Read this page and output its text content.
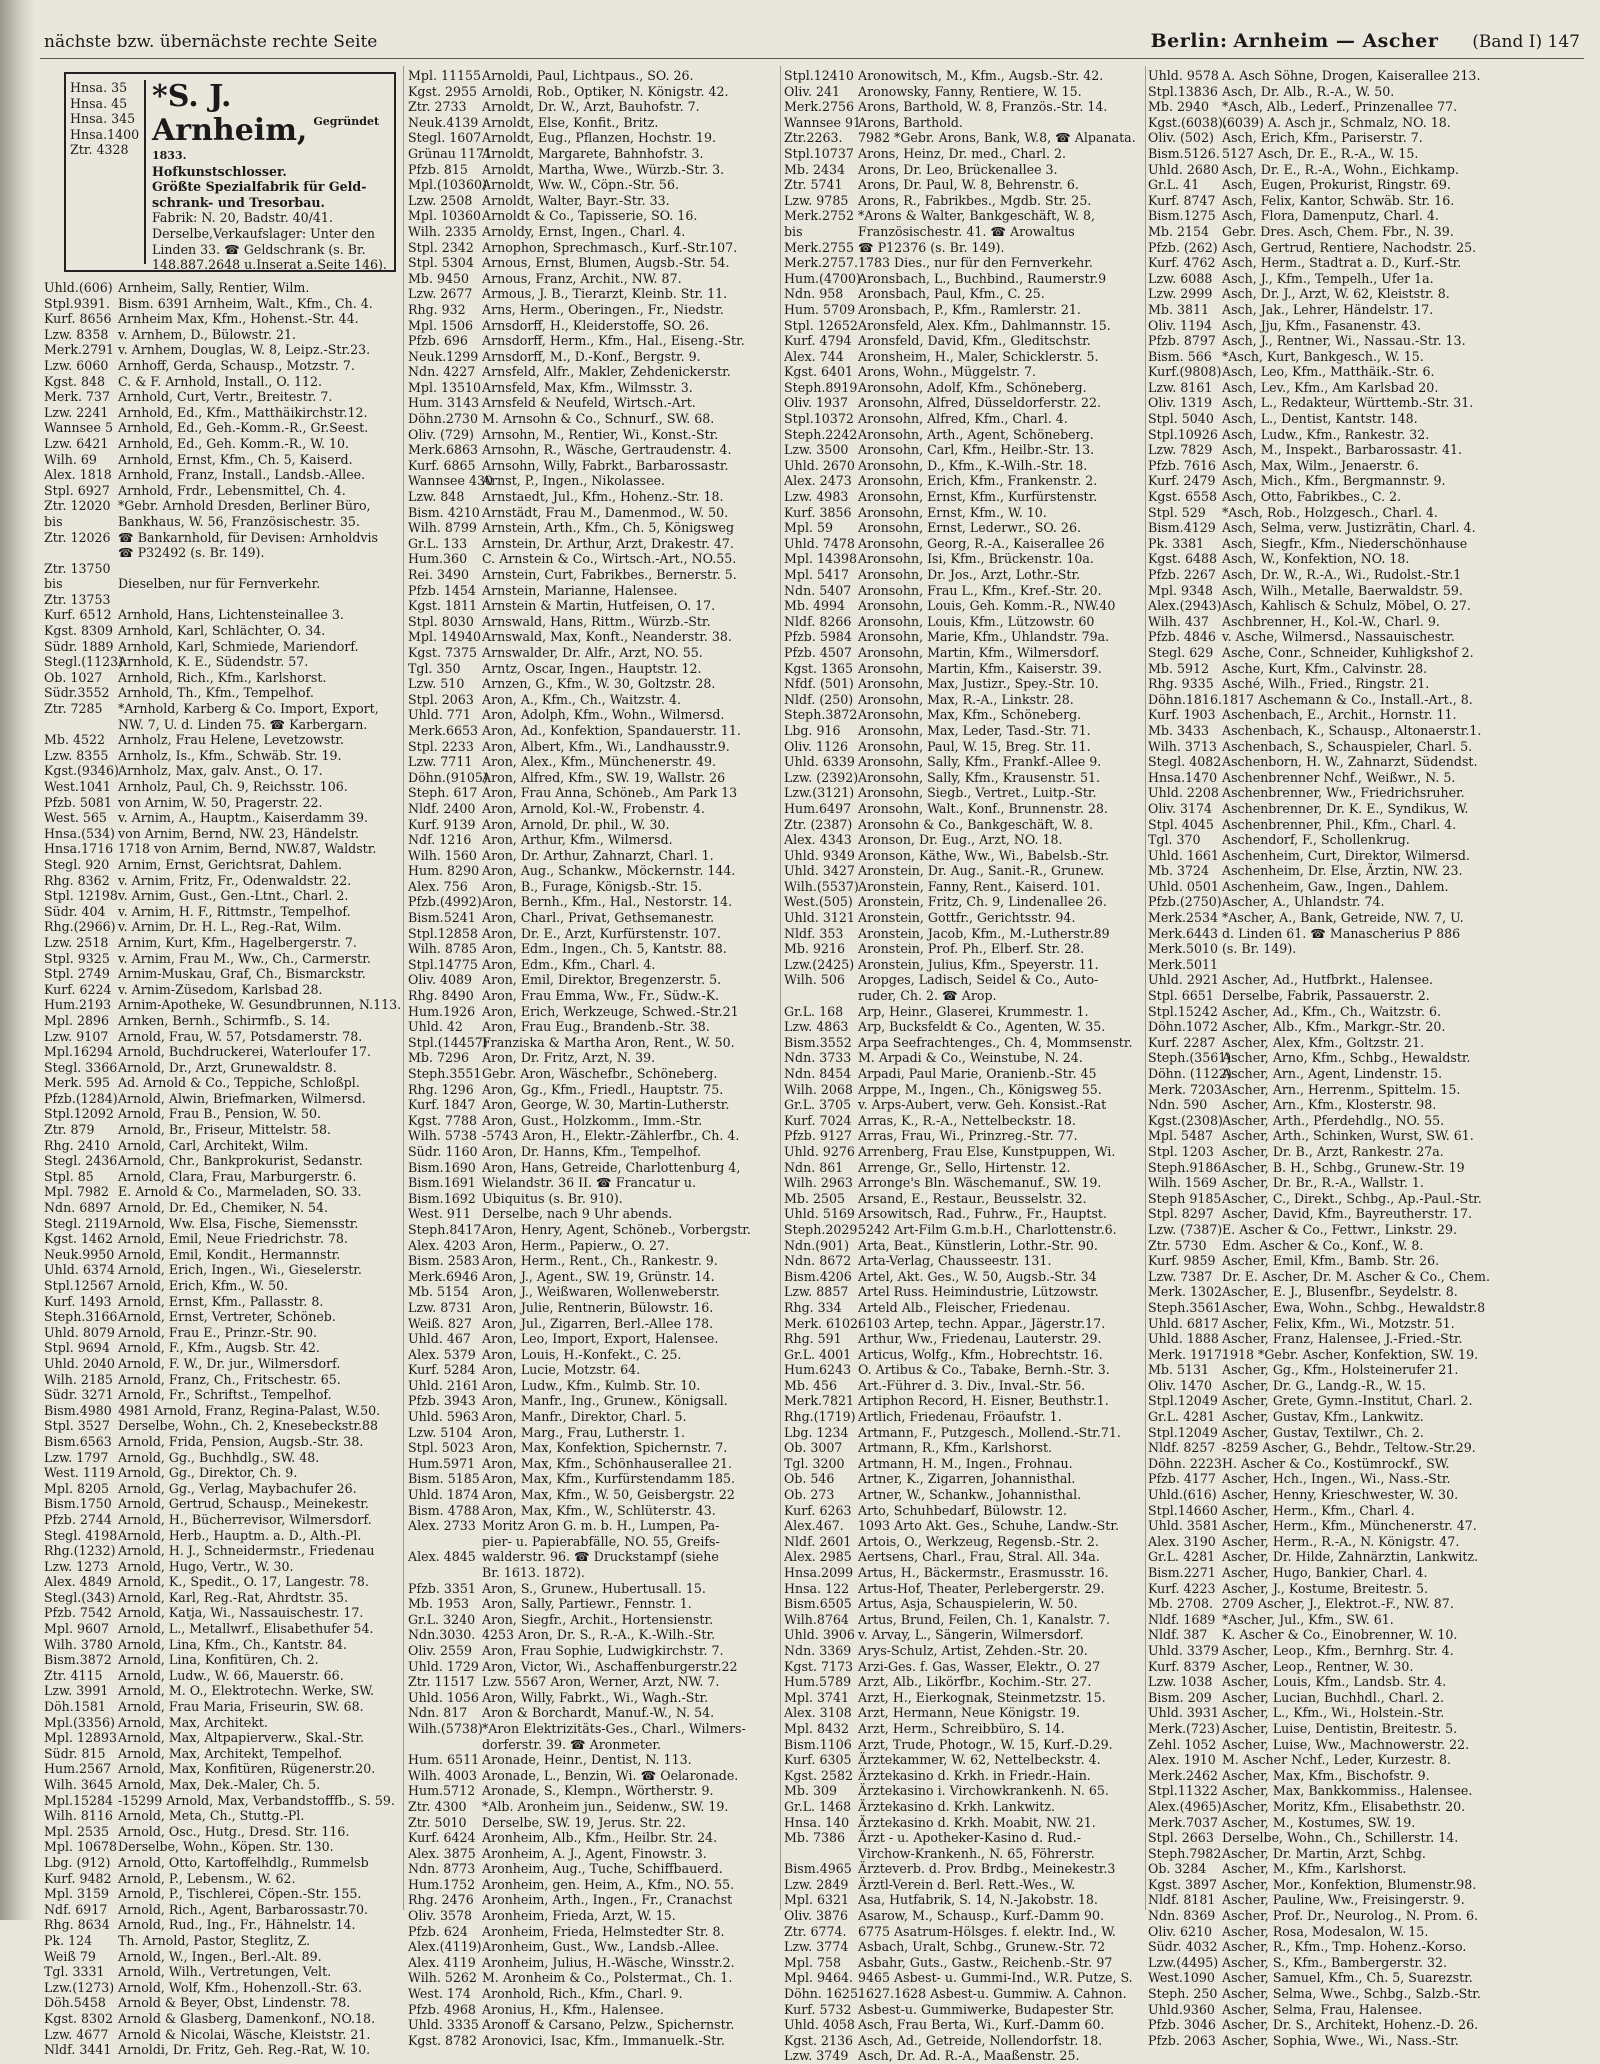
nächste bzw. übernächste rechte Seite	Berlin: Arnheim — Ascher (Band I) 147
Hnsa. 35
Hnsa. 45
Hnsa. 345
Hnsa.1400
Ztr. 4328
*S. J. Arnheim, Gegründet 1833.
Hofkunstschlosser.
Größte Spezialfabrik für Geld-
schrank- und Tresorbau.
Fabrik: N. 20, Badstr. 40/41.
Derselbe,Verkaufslager: Unter den
Linden 33. ☎ Geldschrank (s. Br.
148.887.2648 u.Inserat a.Seite 146).
Uhld.(606) Arnheim, Sally, Rentier, Wilm.
Stpl.9391. Bism. 6391 Arnheim, Walt., Kfm., Ch. 4.
Kurf. 8656 Arnheim Max, Kfm., Hohenst.-Str. 44.
Lzw. 8358 v. Arnhem, D., Bülowstr. 21.
Merk.2791 v. Arnhem, Douglas, W. 8, Leipz.-Str.23.
Lzw. 6060 Arnhoff, Gerda, Schausp., Motzstr. 7.
Kgst. 848 C. & F. Arnhold, Install., O. 112.
Merk. 737 Arnhold, Curt, Vertr., Breitestr. 7.
Lzw. 2241 Arnhold, Ed., Kfm., Matthäikirchstr.12.
Wannsee 5 Arnhold, Ed., Geh.-Komm.-R., Gr.Seest.
Lzw. 6421 Arnhold, Ed., Geh. Komm.-R., W. 10.
Wilh. 69 Arnhold, Ernst, Kfm., Ch. 5, Kaiserd.
Alex. 1818 Arnhold, Franz, Install., Landsb.-Allee.
Stpl. 6927 Arnhold, Frdr., Lebensmittel, Ch. 4.
Ztr. 12020 *Gebr. Arnhold Dresden, Berliner Büro,
bis	Bankhaus, W. 56, Französischestr. 35.
Ztr. 12026 ☎ Bankarnhold, für Devisen: Arnholdvis
☎ P32492 (s. Br. 149).
Ztr. 13750
bis	Dieselben, nur für Fernverkehr.
Ztr. 13753
Kurf. 6512 Arnhold, Hans, Lichtensteinallee 3.
Kgst. 8309 Arnhold, Karl, Schlächter, O. 34.
Südr. 1889 Arnhold, Karl, Schmiede, Mariendorf.
Stegl.(1123)Arnhold, K. E., Südendstr. 57.
Ob. 1027 Arnhold, Rich., Kfm., Karlshorst.
Südr.3552 Arnhold, Th., Kfm., Tempelhof.
Ztr. 7285 *Arnhold, Karberg & Co. Import, Export,
NW. 7, U. d. Linden 75. ☎ Karbergarn.
Mb. 4522 Arnholz, Frau Helene, Levetzowstr.
Lzw. 8355 Arnholz, Is., Kfm., Schwäb. Str. 19.
Kgst.(9346)Arnholz, Max, galv. Anst., O. 17.
West.1041 Arnholz, Paul, Ch. 9, Reichsstr. 106.
Pfzb. 5081 von Arnim, W. 50, Pragerstr. 22.
West. 565 v. Arnim, A., Hauptm., Kaiserdamm 39.
Hnsa.(534) von Arnim, Bernd, NW. 23, Händelstr.
Hnsa.1716 1718 von Arnim, Bernd, NW.87, Waldstr.
Stegl. 920 Arnim, Ernst, Gerichtsrat, Dahlem.
Rhg. 8362 v. Arnim, Fritz, Fr., Odenwaldstr. 22.
Stpl. 12198v. Arnim, Gust., Gen.-Ltnt., Charl. 2.
Südr. 404 v. Arnim, H. F., Rittmstr., Tempelhof.
Rhg.(2966) v. Arnim, Dr. H. L., Reg.-Rat, Wilm.
Lzw. 2518 Arnim, Kurt, Kfm., Hagelbergerstr. 7.
Stpl. 9325 v. Arnim, Frau M., Ww., Ch., Carmerstr.
Stpl. 2749 Arnim-Muskau, Graf, Ch., Bismarckstr.
Kurf. 6224 v. Arnim-Züsedom, Karlsbad 28.
Hum.2193 Arnim-Apotheke, W. Gesundbrunnen, N.113.
Mpl. 2896 Arnken, Bernh., Schirmfb., S. 14.
Lzw. 9107 Arnold, Frau, W. 57, Potsdamerstr. 78.
Mpl.16294 Arnold, Buchdruckerei, Waterloufer 17.
Stegl. 3366Arnold, Dr., Arzt, Grunewaldstr. 8.
Merk. 595 Ad. Arnold & Co., Teppiche, Schloßpl.
Pfzb.(1284)Arnold, Alwin, Briefmarken, Wilmersd.
Stpl.12092 Arnold, Frau B., Pension, W. 50.
Ztr. 879 Arnold, Br., Friseur, Mittelstr. 58.
Rhg. 2410 Arnold, Carl, Architekt, Wilm.
Stegl. 2436Arnold, Chr., Bankprokurist, Sedanstr.
Stpl. 85 Arnold, Clara, Frau, Marburgerstr. 6.
Mpl. 7982 E. Arnold & Co., Marmeladen, SO. 33.
Ndn. 6897 Arnold, Dr. Ed., Chemiker, N. 54.
Stegl. 2119Arnold, Ww. Elsa, Fische, Siemensstr.
Kgst. 1462 Arnold, Emil, Neue Friedrichstr. 78.
Neuk.9950 Arnold, Emil, Kondit., Hermannstr.
Uhld. 6374 Arnold, Erich, Ingen., Wi., Gieselerstr.
Stpl.12567 Arnold, Erich, Kfm., W. 50.
Kurf. 1493 Arnold, Ernst, Kfm., Pallasstr. 8.
Steph.3166Arnold, Ernst, Vertreter, Schöneb.
Uhld. 8079 Arnold, Frau E., Prinzr.-Str. 90.
Stpl. 9694 Arnold, F., Kfm., Augsb. Str. 42.
Uhld. 2040 Arnold, F. W., Dr. jur., Wilmersdorf.
Wilh. 2185 Arnold, Franz, Ch., Fritschestr. 65.
Südr. 3271 Arnold, Fr., Schriftst., Tempelhof.
Bism.4980 4981 Arnold, Franz, Regina-Palast, W.50.
Stpl. 3527 Derselbe, Wohn., Ch. 2, Knesebeckstr.88
Bism.6563 Arnold, Frida, Pension, Augsb.-Str. 38.
Lzw. 1797 Arnold, Gg., Buchhdlg., SW. 48.
West. 1119 Arnold, Gg., Direktor, Ch. 9.
Mpl. 8205 Arnold, Gg., Verlag, Maybachufer 26.
Bism.1750 Arnold, Gertrud, Schausp., Meinekestr.
Pfzb. 2744 Arnold, H., Bücherrevisor, Wilmersdorf.
Stegl. 4198Arnold, Herb., Hauptm. a. D., Alth.-Pl.
Rhg.(1232) Arnold, H. J., Schneidermstr., Friedenau
Lzw. 1273 Arnold, Hugo, Vertr., W. 30.
Alex. 4849 Arnold, K., Spedit., O. 17, Langestr. 78.
Stegl.(343) Arnold, Karl, Reg.-Rat, Ahrdtstr. 35.
Pfzb. 7542 Arnold, Katja, Wi., Nassauischestr. 17.
Mpl. 9607 Arnold, L., Metallwrf., Elisabethufer 54.
Wilh. 3780 Arnold, Lina, Kfm., Ch., Kantstr. 84.
Bism.3872 Arnold, Lina, Konfitüren, Ch. 2.
Ztr. 4115 Arnold, Ludw., W. 66, Mauerstr. 66.
Lzw. 3991 Arnold, M. O., Elektrotechn. Werke, SW.
Döh.1581 Arnold, Frau Maria, Friseurin, SW. 68.
Mpl.(3356) Arnold, Max, Architekt.
Mpl. 12893Arnold, Max, Altpapierverw., Skal.-Str.
Südr. 815 Arnold, Max, Architekt, Tempelhof.
Hum.2567 Arnold, Max, Konfitüren, Rügenerstr.20.
Wilh. 3645 Arnold, Max, Dek.-Maler, Ch. 5.
Mpl.15284 -15299 Arnold, Max, Verbandstofffb., S. 59.
Wilh. 8116 Arnold, Meta, Ch., Stuttg.-Pl.
Mpl. 2535 Arnold, Osc., Hutg., Dresd. Str. 116.
Mpl. 10678Derselbe, Wohn., Köpen. Str. 130.
Lbg. (912) Arnold, Otto, Kartoffelhdlg., Rummelsb
Kurf. 9482 Arnold, P., Lebensm., W. 62.
Mpl. 3159 Arnold, P., Tischlerei, Cöpen.-Str. 155.
Ndf. 6917 Arnold, Rich., Agent, Barbarossastr.70.
Rhg. 8634 Arnold, Rud., Ing., Fr., Hähnelstr. 14.
Pk. 124 Th. Arnold, Pastor, Steglitz, Z.
Weiß 79 Arnold, W., Ingen., Berl.-Alt. 89.
Tgl. 3331 Arnold, Wilh., Vertretungen, Velt.
Lzw.(1273) Arnold, Wolf, Kfm., Hohenzoll.-Str. 63.
Döh.5458 Arnold & Beyer, Obst, Lindenstr. 78.
Kgst. 8302 Arnold & Glasberg, Damenkonf., NO.18.
Lzw. 4677 Arnold & Nicolai, Wäsche, Kleiststr. 21.
Nldf. 3441 Arnoldi, Dr. Fritz, Geh. Reg.-Rat, W. 10.
Mpl. 11155Arnoldi, Paul, Lichtpaus., SO. 26.
Kgst. 2955 Arnoldi, Rob., Optiker, N. Königstr. 42.
Ztr. 2733 Arnoldt, Dr. W., Arzt, Bauhofstr. 7.
Neuk.4139 Arnoldt, Else, Konfit., Britz.
Stegl. 1607Arnoldt, Eug., Pflanzen, Hochstr. 19.
Grünau 1171Arnoldt, Margarete, Bahnhofstr. 3.
Pfzb. 815 Arnoldt, Martha, Wwe., Würzb.-Str. 3.
Mpl.(10360)Arnoldt, Ww. W., Cöpn.-Str. 56.
Lzw. 2508 Arnoldt, Walter, Bayr.-Str. 33.
Mpl. 10360Arnoldt & Co., Tapisserie, SO. 16.
Wilh. 2335 Arnoldy, Ernst, Ingen., Charl. 4.
Stpl. 2342 Arnophon, Sprechmasch., Kurf.-Str.107.
Stpl. 5304 Arnous, Ernst, Blumen, Augsb.-Str. 54.
Mb. 9450 Arnous, Franz, Archit., NW. 87.
Lzw. 2677 Armous, J. B., Tierarzt, Kleinb. Str. 11.
Rhg. 932 Arns, Herm., Oberingen., Fr., Niedstr.
Mpl. 1506 Arnsdorff, H., Kleiderstoffe, SO. 26.
Pfzb. 696 Arnsdorff, Herm., Kfm., Hal., Eiseng.-Str.
Neuk.1299 Arnsdorff, M., D.-Konf., Bergstr. 9.
Ndn. 4227 Arnsfeld, Alfr., Makler, Zehdenickerstr.
Mpl. 13510Arnsfeld, Max, Kfm., Wilmsstr. 3.
Hum. 3143 Arnsfeld & Neufeld, Wirtsch.-Art.
Döhn.2730 M. Arnsohn & Co., Schnurf., SW. 68.
Oliv. (729) Arnsohn, M., Rentier, Wi., Konst.-Str.
Merk.6863 Arnsohn, R., Wäsche, Gertraudenstr. 4.
Kurf. 6865 Arnsohn, Willy, Fabrkt., Barbarossastr.
Wannsee 430Arnst, P., Ingen., Nikolassee.
Lzw. 848 Arnstaedt, Jul., Kfm., Hohenz.-Str. 18.
Bism. 4210 Arnstädt, Frau M., Damenmod., W. 50.
Wilh. 8799 Arnstein, Arth., Kfm., Ch. 5, Königsweg
Gr.L. 133 Arnstein, Dr. Arthur, Arzt, Drakestr. 47.
Hum.360 C. Arnstein & Co., Wirtsch.-Art., NO.55.
Rei. 3490 Arnstein, Curt, Fabrikbes., Bernerstr. 5.
Pfzb. 1454 Arnstein, Marianne, Halensee.
Kgst. 1811 Arnstein & Martin, Hutfeisen, O. 17.
Stpl. 8030 Arnswald, Hans, Rittm., Würzb.-Str.
Mpl. 14940Arnswald, Max, Konft., Neanderstr. 38.
Kgst. 7375 Arnswalder, Dr. Alfr., Arzt, NO. 55.
Tgl. 350 Arntz, Oscar, Ingen., Hauptstr. 12.
Lzw. 510 Arnzen, G., Kfm., W. 30, Goltzstr. 28.
Stpl. 2063 Aron, A., Kfm., Ch., Waitzstr. 4.
Uhld. 771 Aron, Adolph, Kfm., Wohn., Wilmersd.
Merk.6653 Aron, Ad., Konfektion, Spandauerstr. 11.
Stpl. 2233 Aron, Albert, Kfm., Wi., Landhausstr.9.
Lzw. 7711 Aron, Alex., Kfm., Münchenerstr. 49.
Döhn.(9105)Aron, Alfred, Kfm., SW. 19, Wallstr. 26
Steph. 617 Aron, Frau Anna, Schöneb., Am Park 13
Nldf. 2400 Aron, Arnold, Kol.-W., Frobenstr. 4.
Kurf. 9139 Aron, Arnold, Dr. phil., W. 30.
Ndf. 1216 Aron, Arthur, Kfm., Wilmersd.
Wilh. 1560 Aron, Dr. Arthur, Zahnarzt, Charl. 1.
Hum. 8290 Aron, Aug., Schankw., Möckernstr. 144.
Alex. 756 Aron, B., Furage, Königsb.-Str. 15.
Pfzb.(4992)Aron, Bernh., Kfm., Hal., Nestorstr. 14.
Bism.5241 Aron, Charl., Privat, Gethsemanestr.
Stpl.12858 Aron, Dr. E., Arzt, Kurfürstenstr. 107.
Wilh. 8785 Aron, Edm., Ingen., Ch. 5, Kantstr. 88.
Stpl.14775 Aron, Edm., Kfm., Charl. 4.
Oliv. 4089 Aron, Emil, Direktor, Bregenzerstr. 5.
Rhg. 8490 Aron, Frau Emma, Ww., Fr., Südw.-K.
Hum.1926 Aron, Erich, Werkzeuge, Schwed.-Str.21
Uhld. 42 Aron, Frau Eug., Brandenb.-Str. 38.
Stpl.(14457)Franziska & Martha Aron, Rent., W. 50.
Mb. 7296 Aron, Dr. Fritz, Arzt, N. 39.
Steph.3551Gebr. Aron, Wäschefbr., Schöneberg.
Rhg. 1296 Aron, Gg., Kfm., Friedl., Hauptstr. 75.
Kurf. 1847 Aron, George, W. 30, Martin-Lutherstr.
Kgst. 7788 Aron, Gust., Holzkomm., Imm.-Str.
Wilh. 5738 -5743 Aron, H., Elektr.-Zählerfbr., Ch. 4.
Südr. 1160 Aron, Dr. Hanns, Kfm., Tempelhof.
Bism.1690 Aron, Hans, Getreide, Charlottenburg 4,
Bism.1691 Wielandstr. 36 II. ☎ Francatur u.
Bism.1692 Ubiquitus (s. Br. 910).
West. 911 Derselbe, nach 9 Uhr abends.
Steph.8417Aron, Henry, Agent, Schöneb., Vorbergstr.
Alex. 4203 Aron, Herm., Papierw., O. 27.
Bism. 2583 Aron, Herm., Rent., Ch., Rankestr. 9.
Merk.6946 Aron, J., Agent., SW. 19, Grünstr. 14.
Mb. 5154 Aron, J., Weißwaren, Wollenweberstr.
Lzw. 8731 Aron, Julie, Rentnerin, Bülowstr. 16.
Weiß. 827 Aron, Jul., Zigarren, Berl.-Allee 178.
Uhld. 467 Aron, Leo, Import, Export, Halensee.
Alex. 5379 Aron, Louis, H.-Konfekt., C. 25.
Kurf. 5284 Aron, Lucie, Motzstr. 64.
Uhld. 2161 Aron, Ludw., Kfm., Kulmb. Str. 10.
Pfzb. 3943 Aron, Manfr., Ing., Grunew., Königsall.
Uhld. 5963 Aron, Manfr., Direktor, Charl. 5.
Lzw. 5104 Aron, Marg., Frau, Lutherstr. 1.
Stpl. 5023 Aron, Max, Konfektion, Spichernstr. 7.
Hum.5971 Aron, Max, Kfm., Schönhauserallee 21.
Bism. 5185 Aron, Max, Kfm., Kurfürstendamm 185.
Uhld. 1874 Aron, Max, Kfm., W. 50, Geisbergstr. 22
Bism. 4788 Aron, Max, Kfm., W., Schlüterstr. 43.
Alex. 2733 Moritz Aron G. m. b. H., Lumpen, Pa-
pier- u. Papierabfälle, NO. 55, Greifs-
Alex. 4845 walderstr. 96. ☎ Druckstampf (siehe
Br. 1613. 1872).
Pfzb. 3351 Aron, S., Grunew., Hubertusall. 15.
Mb. 1953 Aron, Sally, Partiewr., Fennstr. 1.
Gr.L. 3240 Aron, Siegfr., Archit., Hortensienstr.
Ndn.3030. 4253 Aron, Dr. S., R.-A., K.-Wilh.-Str.
Oliv. 2559 Aron, Frau Sophie, Ludwigkirchstr. 7.
Uhld. 1729 Aron, Victor, Wi., Aschaffenburgerstr.22
Ztr. 11517 Lzw. 5567 Aron, Werner, Arzt, NW. 7.
Uhld. 1056 Aron, Willy, Fabrkt., Wi., Wagh.-Str.
Ndn. 817 Aron & Borchardt, Manuf.-W., N. 54.
Wilh.(5738)*Aron Elektrizitäts-Ges., Charl., Wilmers-
dorferstr. 39. ☎ Aronmeter.
Hum. 6511 Aronade, Heinr., Dentist, N. 113.
Wilh. 4003 Aronade, L., Benzin, Wi. ☎ Oelaronade.
Hum.5712 Aronade, S., Klempn., Wörtherstr. 9.
Ztr. 4300 *Alb. Aronheim jun., Seidenw., SW. 19.
Ztr. 5010 Derselbe, SW. 19, Jerus. Str. 22.
Kurf. 6424 Aronheim, Alb., Kfm., Heilbr. Str. 24.
Alex. 3875 Aronheim, A. J., Agent, Finowstr. 3.
Ndn. 8773 Aronheim, Aug., Tuche, Schiffbauerd.
Hum.1752 Aronheim, gen. Heim, A., Kfm., NO. 55.
Rhg. 2476 Aronheim, Arth., Ingen., Fr., Cranachst
Oliv. 3578 Aronheim, Frieda, Arzt, W. 15.
Pfzb. 624 Aronheim, Frieda, Helmstedter Str. 8.
Alex.(4119)Aronheim, Gust., Ww., Landsb.-Allee.
Alex. 4119 Aronheim, Julius, H.-Wäsche, Winsstr.2.
Wilh. 5262 M. Aronheim & Co., Polstermat., Ch. 1.
West. 174 Aronhold, Rich., Kfm., Charl. 9.
Pfzb. 4968 Aronius, H., Kfm., Halensee.
Uhld. 3335 Aronoff & Carsano, Pelzw., Spichernstr.
Kgst. 8782 Aronovici, Isac, Kfm., Immanuelk.-Str.
Stpl.12410 Aronowitsch, M., Kfm., Augsb.-Str. 42.
Oliv. 241 Aronowsky, Fanny, Rentiere, W. 15.
Merk.2756 Arons, Barthold, W. 8, Französ.-Str. 14.
Wannsee 91Arons, Barthold.
Ztr.2263. 7982 *Gebr. Arons, Bank, W.8, ☎ Alpanata.
Stpl.10737 Arons, Heinz, Dr. med., Charl. 2.
Mb. 2434 Arons, Dr. Leo, Brückenallee 3.
Ztr. 5741 Arons, Dr. Paul, W. 8, Behrenstr. 6.
Lzw. 9785 Arons, R., Fabrikbes., Mgdb. Str. 25.
Merk.2752 *Arons & Walter, Bankgeschäft, W. 8,
bis	Französischestr. 41. ☎ Arowaltus
Merk.2755 ☎ P12376 (s. Br. 149).
Merk.2757.1783 Dies., nur für den Fernverkehr.
Hum.(4700)Aronsbach, L., Buchbind., Raumerstr.9
Ndn. 958 Aronsbach, Paul, Kfm., C. 25.
Hum. 5709 Aronsbach, P., Kfm., Ramlerstr. 21.
Stpl. 12652Aronsfeld, Alex. Kfm., Dahlmannstr. 15.
Kurf. 4794 Aronsfeld, David, Kfm., Gleditschstr.
Alex. 744 Aronsheim, H., Maler, Schicklerstr. 5.
Kgst. 6401 Arons, Wohn., Müggelstr. 7.
Steph.8919Aronsohn, Adolf, Kfm., Schöneberg.
Oliv. 1937 Aronsohn, Alfred, Düsseldorferstr. 22.
Stpl.10372 Aronsohn, Alfred, Kfm., Charl. 4.
Steph.2242Aronsohn, Arth., Agent, Schöneberg.
Lzw. 3500 Aronsohn, Carl, Kfm., Heilbr.-Str. 13.
Uhld. 2670 Aronsohn, D., Kfm., K.-Wilh.-Str. 18.
Alex. 2473 Aronsohn, Erich, Kfm., Frankenstr. 2.
Lzw. 4983 Aronsohn, Ernst, Kfm., Kurfürstenstr.
Kurf. 3856 Aronsohn, Ernst, Kfm., W. 10.
Mpl. 59 Aronsohn, Ernst, Lederwr., SO. 26.
Uhld. 7478 Aronsohn, Georg, R.-A., Kaiserallee 26
Mpl. 14398Aronsohn, Isi, Kfm., Brückenstr. 10a.
Mpl. 5417 Aronsohn, Dr. Jos., Arzt, Lothr.-Str.
Ndn. 5407 Aronsohn, Frau L., Kfm., Kref.-Str. 20.
Mb. 4994 Aronsohn, Louis, Geh. Komm.-R., NW.40
Nldf. 8266 Aronsohn, Louis, Kfm., Lützowstr. 60
Pfzb. 5984 Aronsohn, Marie, Kfm., Uhlandstr. 79a.
Pfzb. 4507 Aronsohn, Martin, Kfm., Wilmersdorf.
Kgst. 1365 Aronsohn, Martin, Kfm., Kaiserstr. 39.
Nfdf. (501) Aronsohn, Max, Justizr., Spey.-Str. 10.
Nldf. (250) Aronsohn, Max, R.-A., Linkstr. 28.
Steph.3872Aronsohn, Max, Kfm., Schöneberg.
Lbg. 916 Aronsohn, Max, Leder, Tasd.-Str. 71.
Oliv. 1126 Aronsohn, Paul, W. 15, Breg. Str. 11.
Uhld. 6339 Aronsohn, Sally, Kfm., Frankf.-Allee 9.
Lzw. (2392)Aronsohn, Sally, Kfm., Krausenstr. 51.
Lzw.(3121) Aronsohn, Siegb., Vertret., Luitp.-Str.
Hum.6497 Aronsohn, Walt., Konf., Brunnenstr. 28.
Ztr. (2387) Aronsohn & Co., Bankgeschäft, W. 8.
Alex. 4343 Aronson, Dr. Eug., Arzt, NO. 18.
Uhld. 9349 Aronson, Käthe, Ww., Wi., Babelsb.-Str.
Uhld. 3427 Aronstein, Dr. Aug., Sanit.-R., Grunew.
Wilh.(5537)Aronstein, Fanny, Rent., Kaiserd. 101.
West.(505) Aronstein, Fritz, Ch. 9, Lindenallee 26.
Uhld. 3121 Aronstein, Gottfr., Gerichtsstr. 94.
Nldf. 353 Aronstein, Jacob, Kfm., M.-Lutherstr.89
Mb. 9216 Aronstein, Prof. Ph., Elberf. Str. 28.
Lzw.(2425) Aronstein, Julius, Kfm., Speyerstr. 11.
Wilh. 506 Aropges, Ladisch, Seidel & Co., Auto-
ruder, Ch. 2. ☎ Arop.
Gr.L. 168 Arp, Heinr., Glaserei, Krummestr. 1.
Lzw. 4863 Arp, Bucksfeldt & Co., Agenten, W. 35.
Bism.3552 Arpa Seefrachtenges., Ch. 4, Mommsenstr.
Ndn. 3733 M. Arpadi & Co., Weinstube, N. 24.
Ndn. 8454 Arpadi, Paul Marie, Oranienb.-Str. 45
Wilh. 2068 Arppe, M., Ingen., Ch., Königsweg 55.
Gr.L. 3705 v. Arps-Aubert, verw. Geh. Konsist.-Rat
Kurf. 7024 Arras, K., R.-A., Nettelbeckstr. 18.
Pfzb. 9127 Arras, Frau, Wi., Prinzreg.-Str. 77.
Uhld. 9276 Arrenberg, Frau Else, Kunstpuppen, Wi.
Ndn. 861 Arrenge, Gr., Sello, Hirtenstr. 12.
Wilh. 2963 Arronge's Bln. Wäschemanuf., SW. 19.
Mb. 2505 Arsand, E., Restaur., Beusselstr. 32.
Uhld. 5169 Arsowitsch, Rad., Fuhrw., Fr., Hauptst.
Steph.2029.5242 Art-Film G.m.b.H., Charlottenstr.6.
Ndn.(901) Arta, Beat., Künstlerin, Lothr.-Str. 90.
Ndn. 8672 Arta-Verlag, Chausseestr. 131.
Bism.4206 Artel, Akt. Ges., W. 50, Augsb.-Str. 34
Lzw. 8857 Artel Russ. Heimindustrie, Lützowstr.
Rhg. 334 Arteld Alb., Fleischer, Friedenau.
Merk. 6102.6103 Artep, techn. Appar., Jägerstr.17.
Rhg. 591 Arthur, Ww., Friedenau, Lauterstr. 29.
Gr.L. 4001 Articus, Wolfg., Kfm., Hobrechtstr. 16.
Hum.6243 O. Artibus & Co., Tabake, Bernh.-Str. 3.
Mb. 456 Art.-Führer d. 3. Div., Inval.-Str. 56.
Merk.7821 Artiphon Record, H. Eisner, Beuthstr.1.
Rhg.(1719) Artlich, Friedenau, Fröaufstr. 1.
Lbg. 1234 Artmann, F., Putzgesch., Mollend.-Str.71.
Ob. 3007 Artmann, R., Kfm., Karlshorst.
Tgl. 3200 Artmann, H. M., Ingen., Frohnau.
Ob. 546 Artner, K., Zigarren, Johannisthal.
Ob. 273 Artner, W., Schankw., Johannisthal.
Kurf. 6263 Arto, Schuhbedarf, Bülowstr. 12.
Alex.467. 1093 Arto Akt. Ges., Schuhe, Landw.-Str.
Nldf. 2601 Artois, O., Werkzeug, Regensb.-Str. 2.
Alex. 2985 Aertsens, Charl., Frau, Stral. All. 34a.
Hnsa.2099 Artus, H., Bäckermstr., Erasmusstr. 16.
Hnsa. 122 Artus-Hof, Theater, Perlebergerstr. 29.
Bism.6505 Artus, Asja, Schauspielerin, W. 50.
Wilh.8764 Artus, Brund, Feilen, Ch. 1, Kanalstr. 7.
Uhld. 3906 v. Arvay, L., Sängerin, Wilmersdorf.
Ndn. 3369 Arys-Schulz, Artist, Zehden.-Str. 20.
Kgst. 7173 Arzi-Ges. f. Gas, Wasser, Elektr., O. 27
Hum.5789 Arzt, Alb., Likörfbr., Kochim.-Str. 27.
Mpl. 3741 Arzt, H., Eierkognak, Steinmetzstr. 15.
Alex. 3108 Arzt, Hermann, Neue Königstr. 19.
Mpl. 8432 Arzt, Herm., Schreibbüro, S. 14.
Bism.1106 Arzt, Trude, Photogr., W. 15, Kurf.-D.29.
Kurf. 6305 Ärztekammer, W. 62, Nettelbeckstr. 4.
Kgst. 2582 Ärztekasino d. Krkh. in Friedr.-Hain.
Mb. 309 Ärztekasino i. Virchowkrankenh. N. 65.
Gr.L. 1468 Ärztekasino d. Krkh. Lankwitz.
Hnsa. 140 Ärztekasino d. Krkh. Moabit, NW. 21.
Mb. 7386 Ärzt - u. Apotheker-Kasino d. Rud.-
Virchow-Krankenh., N. 65, Föhrerstr.
Bism.4965 Ärzteverb. d. Prov. Brdbg., Meinekestr.3
Lzw. 2849 Ärztl-Verein d. Berl. Rett.-Wes., W.
Mpl. 6321 Asa, Hutfabrik, S. 14, N.-Jakobstr. 18.
Oliv. 3876 Asarow, M., Schausp., Kurf.-Damm 90.
Ztr. 6774. 6775 Asatrum-Hölsges. f. elektr. Ind., W.
Lzw. 3774 Asbach, Uralt, Schbg., Grunew.-Str. 72
Mpl. 758 Asbahr, Guts., Gastw., Reichenb.-Str. 97
Mpl. 9464. 9465 Asbest- u. Gummi-Ind., W.R. Putze, S.
Döhn. 1625.1627.1628 Asbest-u. Gummiw. A. Cahnon.
Kurf. 5732 Asbest-u. Gummiwerke, Budapester Str.
Uhld. 4058 Asch, Frau Berta, Wi., Kurf.-Damm 60.
Kgst. 2136 Asch, Ad., Getreide, Nollendorfstr. 18.
Lzw. 3749 Asch, Dr. Ad. R.-A., Maaßenstr. 25.
Uhld. 9578 A. Asch Söhne, Drogen, Kaiserallee 213.
Stpl.13836 Asch, Dr. Alb., R.-A., W. 50.
Mb. 2940 *Asch, Alb., Lederf., Prinzenallee 77.
Kgst.(6038).(6039) A. Asch jr., Schmalz, NO. 18.
Oliv. (502) Asch, Erich, Kfm., Pariserstr. 7.
Bism.5126. 5127 Asch, Dr. E., R.-A., W. 15.
Uhld. 2680 Asch, Dr. E., R.-A., Wohn., Eichkamp.
Gr.L. 41 Asch, Eugen, Prokurist, Ringstr. 69.
Kurf. 8747 Asch, Felix, Kantor, Schwäb. Str. 16.
Bism.1275 Asch, Flora, Damenputz, Charl. 4.
Mb. 2154 Gebr. Dres. Asch, Chem. Fbr., N. 39.
Pfzb. (262) Asch, Gertrud, Rentiere, Nachodstr. 25.
Kurf. 4762 Asch, Herm., Stadtrat a. D., Kurf.-Str.
Lzw. 6088 Asch, J., Kfm., Tempelh., Ufer 1a.
Lzw. 2999 Asch, Dr. J., Arzt, W. 62, Kleiststr. 8.
Mb. 3811 Asch, Jak., Lehrer, Händelstr. 17.
Oliv. 1194 Asch, Jju, Kfm., Fasanenstr. 43.
Pfzb. 8797 Asch, J., Rentner, Wi., Nassau.-Str. 13.
Bism. 566 *Asch, Kurt, Bankgesch., W. 15.
Kurf.(9808)Asch, Leo, Kfm., Matthäik.-Str. 6.
Lzw. 8161 Asch, Lev., Kfm., Am Karlsbad 20.
Oliv. 1319 Asch, L., Redakteur, Württemb.-Str. 31.
Stpl. 5040 Asch, L., Dentist, Kantstr. 148.
Stpl.10926 Asch, Ludw., Kfm., Rankestr. 32.
Lzw. 7829 Asch, M., Inspekt., Barbarossastr. 41.
Pfzb. 7616 Asch, Max, Wilm., Jenaerstr. 6.
Kurf. 2479 Asch, Mich., Kfm., Bergmannstr. 9.
Kgst. 6558 Asch, Otto, Fabrikbes., C. 2.
Stpl. 529 *Asch, Rob., Holzgesch., Charl. 4.
Bism.4129 Asch, Selma, verw. Justizrätin, Charl. 4.
Pk. 3381 Asch, Siegfr., Kfm., Niederschönhause
Kgst. 6488 Asch, W., Konfektion, NO. 18.
Pfzb. 2267 Asch, Dr. W., R.-A., Wi., Rudolst.-Str.1
Mpl. 9348 Asch, Wilh., Metalle, Baerwaldstr. 59.
Alex.(2943)Asch, Kahlisch & Schulz, Möbel, O. 27.
Wilh. 437 Aschbrenner, H., Kol.-W., Charl. 9.
Pfzb. 4846 v. Asche, Wilmersd., Nassauischestr.
Stegl. 629 Asche, Conr., Schneider, Kuhligkshof 2.
Mb. 5912 Asche, Kurt, Kfm., Calvinstr. 28.
Rhg. 9335 Asché, Wilh., Fried., Ringstr. 21.
Döhn.1816.1817 Aschemann & Co., Install.-Art., 8.
Kurf. 1903 Aschenbach, E., Archit., Hornstr. 11.
Mb. 3433 Aschenbach, K., Schausp., Altonaerstr.1.
Wilh. 3713 Aschenbach, S., Schauspieler, Charl. 5.
Stegl. 4082Aschenborn, H. W., Zahnarzt, Südendst.
Hnsa.1470 Aschenbrenner Nchf., Weißwr., N. 5.
Uhld. 2208 Aschenbrenner, Ww., Friedrichsruher.
Oliv. 3174 Aschenbrenner, Dr. K. E., Syndikus, W.
Stpl. 4045 Aschenbrenner, Phil., Kfm., Charl. 4.
Tgl. 370 Aschendorf, F., Schollenkrug.
Uhld. 1661 Aschenheim, Curt, Direktor, Wilmersd.
Mb. 3724 Aschenheim, Dr. Else, Ärztin, NW. 23.
Uhld. 0501 Aschenheim, Gaw., Ingen., Dahlem.
Pfzb.(2750)Ascher, A., Uhlandstr. 74.
Merk.2534 *Ascher, A., Bank, Getreide, NW. 7, U.
Merk.6443 d. Linden 61. ☎ Manascherius P 886
Merk.5010 (s. Br. 149).
Merk.5011
Uhld. 2921 Ascher, Ad., Hutfbrkt., Halensee.
Stpl. 6651 Derselbe, Fabrik, Passauerstr. 2.
Stpl.15242 Ascher, Ad., Kfm., Ch., Waitzstr. 6.
Döhn.1072 Ascher, Alb., Kfm., Markgr.-Str. 20.
Kurf. 2287 Ascher, Alex, Kfm., Goltzstr. 21.
Steph.(3561)Ascher, Arno, Kfm., Schbg., Hewaldstr.
Döhn. (1122)Ascher, Arn., Agent, Lindenstr. 15.
Merk. 7203Ascher, Arn., Herrenm., Spittelm. 15.
Ndn. 590 Ascher, Arn., Kfm., Klosterstr. 98.
Kgst.(2308)Ascher, Arth., Pferdehdlg., NO. 55.
Mpl. 5487 Ascher, Arth., Schinken, Wurst, SW. 61.
Stpl. 1203 Ascher, Dr. B., Arzt, Rankestr. 27a.
Steph.9186Ascher, B. H., Schbg., Grunew.-Str. 19
Wilh. 1569 Ascher, Dr. Br., R.-A., Wallstr. 1.
Steph 9185Ascher, C., Direkt., Schbg., Ap.-Paul.-Str.
Stpl. 8297 Ascher, David, Kfm., Bayreutherstr. 17.
Lzw. (7387)E. Ascher & Co., Fettwr., Linkstr. 29.
Ztr. 5730 Edm. Ascher & Co., Konf., W. 8.
Kurf. 9859 Ascher, Emil, Kfm., Bamb. Str. 26.
Lzw. 7387 Dr. E. Ascher, Dr. M. Ascher & Co., Chem.
Merk. 1302Ascher, E. J., Blusenfbr., Seydelstr. 8.
Steph.3561Ascher, Ewa, Wohn., Schbg., Hewaldstr.8
Uhld. 6817 Ascher, Felix, Kfm., Wi., Motzstr. 51.
Uhld. 1888 Ascher, Franz, Halensee, J.-Fried.-Str.
Merk. 1917.1918 *Gebr. Ascher, Konfektion, SW. 19.
Mb. 5131 Ascher, Gg., Kfm., Holsteinerufer 21.
Oliv. 1470 Ascher, Dr. G., Landg.-R., W. 15.
Stpl.12049 Ascher, Grete, Gymn.-Institut, Charl. 2.
Gr.L. 4281 Ascher, Gustav, Kfm., Lankwitz.
Stpl.12049 Ascher, Gustav, Textilwr., Ch. 2.
Nldf. 8257 -8259 Ascher, G., Behdr., Teltow.-Str.29.
Döhn. 2223H. Ascher & Co., Kostümrockf., SW.
Pfzb. 4177 Ascher, Hch., Ingen., Wi., Nass.-Str.
Uhld.(616) Ascher, Henny, Krieschwester, W. 30.
Stpl.14660 Ascher, Herm., Kfm., Charl. 4.
Uhld. 3581 Ascher, Herm., Kfm., Münchenerstr. 47.
Alex. 3190 Ascher, Herm., R.-A., N. Königstr. 47.
Gr.L. 4281 Ascher, Dr. Hilde, Zahnärztin, Lankwitz.
Bism.2271 Ascher, Hugo, Bankier, Charl. 4.
Kurf. 4223 Ascher, J., Kostume, Breitestr. 5.
Mb. 2708. 2709 Ascher, J., Elektrot.-F., NW. 87.
Nldf. 1689 *Ascher, Jul., Kfm., SW. 61.
Nldf. 387 K. Ascher & Co., Einobrenner, W. 10.
Uhld. 3379 Ascher, Leop., Kfm., Bernhrg. Str. 4.
Kurf. 8379 Ascher, Leop., Rentner, W. 30.
Lzw. 1038 Ascher, Louis, Kfm., Landsb. Str. 4.
Bism. 209 Ascher, Lucian, Buchhdl., Charl. 2.
Uhld. 3931 Ascher, L., Kfm., Wi., Holstein.-Str.
Merk.(723) Ascher, Luise, Dentistin, Breitestr. 5.
Zehl. 1052 Ascher, Luise, Ww., Machnowerstr. 22.
Alex. 1910 M. Ascher Nchf., Leder, Kurzestr. 8.
Merk.2462 Ascher, Max, Kfm., Bischofstr. 9.
Stpl.11322 Ascher, Max, Bankkommiss., Halensee.
Alex.(4965)Ascher, Moritz, Kfm., Elisabethstr. 20.
Merk.7037 Ascher, M., Kostumes, SW. 19.
Stpl. 2663 Derselbe, Wohn., Ch., Schillerstr. 14.
Steph.7982Ascher, Dr. Martin, Arzt, Schbg.
Ob. 3284 Ascher, M., Kfm., Karlshorst.
Kgst. 3897 Ascher, Mor., Konfektion, Blumenstr.98.
Nldf. 8181 Ascher, Pauline, Ww., Freisingerstr. 9.
Ndn. 8369 Ascher, Prof. Dr., Neurolog., N. Prom. 6.
Oliv. 6210 Ascher, Rosa, Modesalon, W. 15.
Südr. 4032 Ascher, R., Kfm., Tmp. Hohenz.-Korso.
Lzw.(4495) Ascher, S., Kfm., Bambergerstr. 32.
West.1090 Ascher, Samuel, Kfm., Ch. 5, Suarezstr.
Steph. 250 Ascher, Selma, Wwe., Schbg., Salzb.-Str.
Uhld.9360 Ascher, Selma, Frau, Halensee.
Pfzb. 3046 Ascher, Dr. S., Architekt, Hohenz.-D. 26.
Pfzb. 2063 Ascher, Sophia, Wwe., Wi., Nass.-Str.
